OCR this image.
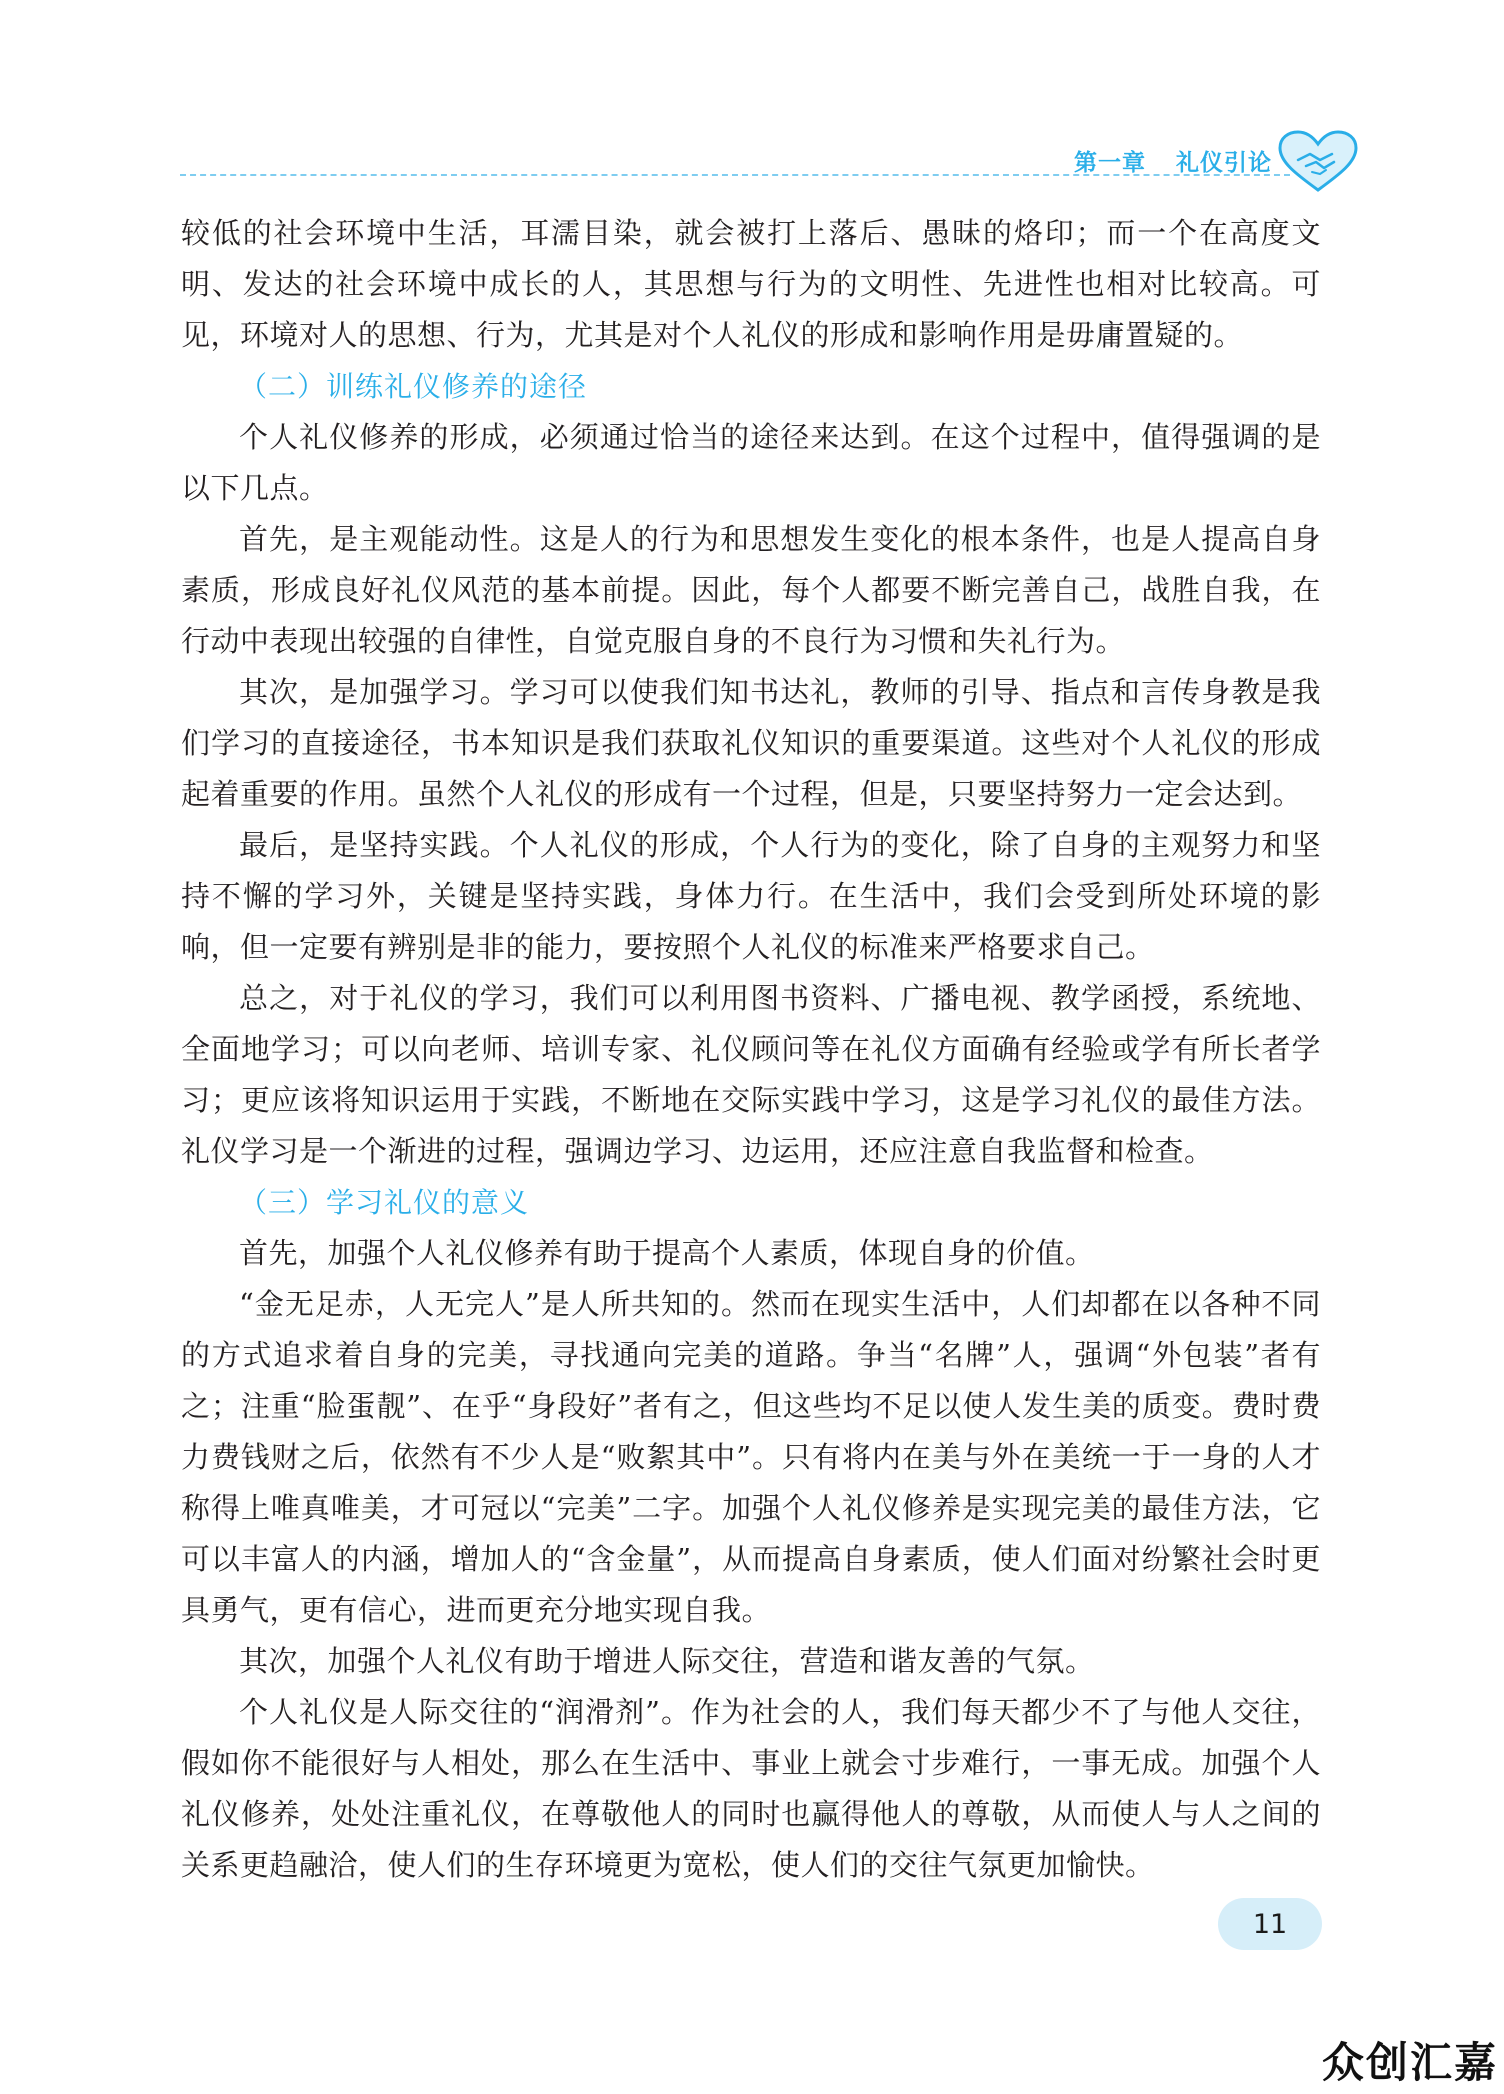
第一章 礼仪引论

较低的社会环境中生活，耳濡目染，就会被打上落后、愚昧的烙印；而一个在高度文明、发达的社会环境中成长的人，其思想与行为的文明性、先进性也相对比较高。可见，环境对人的思想、行为，尤其是对个人礼仪的形成和影响作用是毋庸置疑的。

（二）训练礼仪修养的途径

个人礼仪修养的形成，必须通过恰当的途径来达到。在这个过程中，值得强调的是以下几点。

首先，是主观能动性。这是人的行为和思想发生变化的根本条件，也是人提高自身素质，形成良好礼仪风范的基本前提。因此，每个人都要不断完善自己，战胜自我，在行动中表现出较强的自律性，自觉克服自身的不良行为习惯和失礼行为。

其次，是加强学习。学习可以使我们知书达礼，教师的引导、指点和言传身教是我们学习的直接途径，书本知识是我们获取礼仪知识的重要渠道。这些对个人礼仪的形成起着重要的作用。虽然个人礼仪的形成有一个过程，但是，只要坚持努力一定会达到。

最后，是坚持实践。个人礼仪的形成，个人行为的变化，除了自身的主观努力和坚持不懈的学习外，关键是坚持实践，身体力行。在生活中，我们会受到所处环境的影响，但一定要有辨别是非的能力，要按照个人礼仪的标准来严格要求自己。

总之，对于礼仪的学习，我们可以利用图书资料、广播电视、教学函授，系统地、全面地学习；可以向老师、培训专家、礼仪顾问等在礼仪方面确有经验或学有所长者学习；更应该将知识运用于实践，不断地在交际实践中学习，这是学习礼仪的最佳方法。礼仪学习是一个渐进的过程，强调边学习、边运用，还应注意自我监督和检查。

（三）学习礼仪的意义

首先，加强个人礼仪修养有助于提高个人素质，体现自身的价值。

“金无足赤，人无完人”是人所共知的。然而在现实生活中，人们却都在以各种不同的方式追求着自身的完美，寻找通向完美的道路。争当“名牌”人，强调“外包装”者有之；注重“脸蛋靓”、在乎“身段好”者有之，但这些均不足以使人发生美的质变。费时费力费钱财之后，依然有不少人是“败絮其中”。只有将内在美与外在美统一于一身的人才称得上唯真唯美，才可冠以“完美”二字。加强个人礼仪修养是实现完美的最佳方法，它可以丰富人的内涵，增加人的“含金量”，从而提高自身素质，使人们面对纷繁社会时更具勇气，更有信心，进而更充分地实现自我。

其次，加强个人礼仪有助于增进人际交往，营造和谐友善的气氛。

个人礼仪是人际交往的“润滑剂”。作为社会的人，我们每天都少不了与他人交往，假如你不能很好与人相处，那么在生活中、事业上就会寸步难行，一事无成。加强个人礼仪修养，处处注重礼仪，在尊敬他人的同时也赢得他人的尊敬，从而使人与人之间的关系更趋融洽，使人们的生存环境更为宽松，使人们的交往气氛更加愉快。

11
众创汇嘉
